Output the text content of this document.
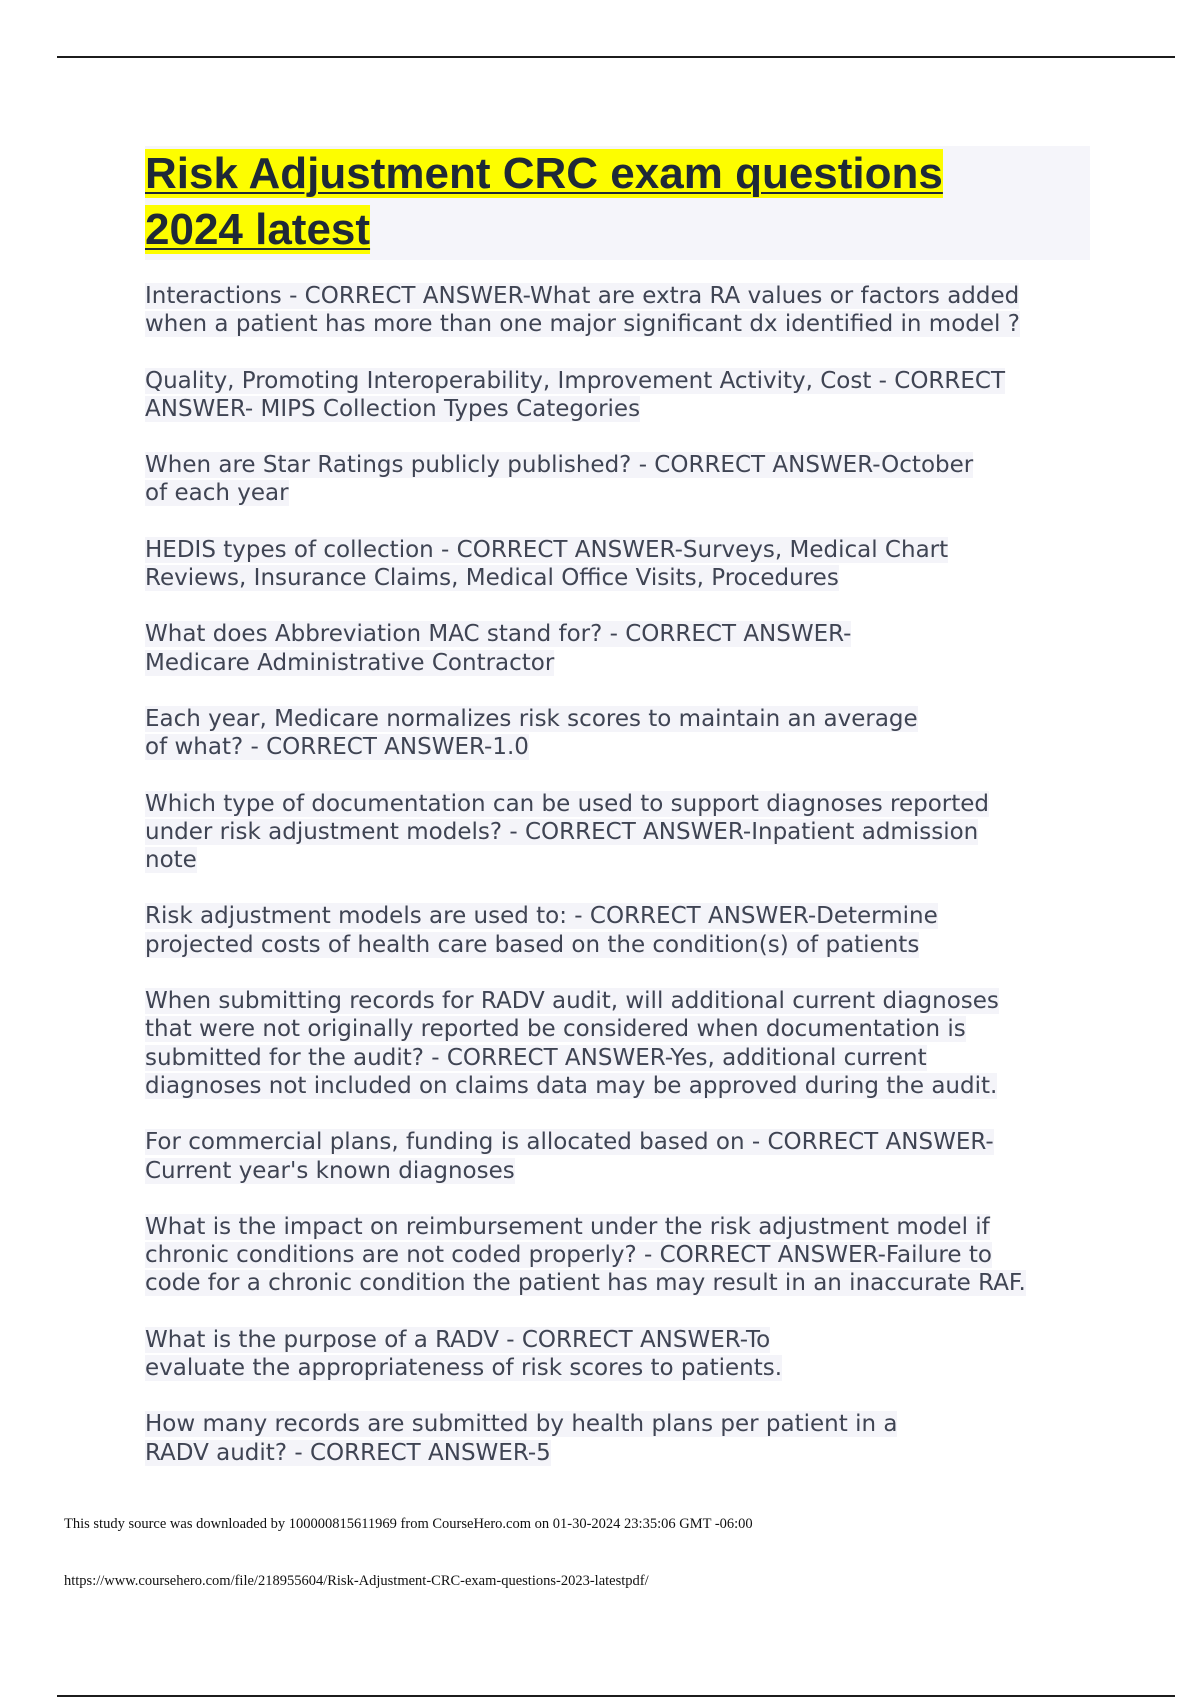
Risk Adjustment CRC exam questions
2024 latest
Interactions - CORRECT ANSWER-What are extra RA values or factors added
when a patient has more than one major significant dx identified in model ?
Quality, Promoting Interoperability, Improvement Activity, Cost - CORRECT
ANSWER- MIPS Collection Types Categories
When are Star Ratings publicly published? - CORRECT ANSWER-October
of each year
HEDIS types of collection - CORRECT ANSWER-Surveys, Medical Chart
Reviews, Insurance Claims, Medical Office Visits, Procedures
What does Abbreviation MAC stand for? - CORRECT ANSWER-
Medicare Administrative Contractor
Each year, Medicare normalizes risk scores to maintain an average
of what? - CORRECT ANSWER-1.0
Which type of documentation can be used to support diagnoses reported
under risk adjustment models? - CORRECT ANSWER-Inpatient admission
note
Risk adjustment models are used to: - CORRECT ANSWER-Determine
projected costs of health care based on the condition(s) of patients
When submitting records for RADV audit, will additional current diagnoses
that were not originally reported be considered when documentation is
submitted for the audit? - CORRECT ANSWER-Yes, additional current
diagnoses not included on claims data may be approved during the audit.
For commercial plans, funding is allocated based on - CORRECT ANSWER-
Current year's known diagnoses
What is the impact on reimbursement under the risk adjustment model if
chronic conditions are not coded properly? - CORRECT ANSWER-Failure to
code for a chronic condition the patient has may result in an inaccurate RAF.
What is the purpose of a RADV - CORRECT ANSWER-To
evaluate the appropriateness of risk scores to patients.
How many records are submitted by health plans per patient in a
RADV audit? - CORRECT ANSWER-5
This study source was downloaded by 100000815611969 from CourseHero.com on 01-30-2024 23:35:06 GMT -06:00
https://www.coursehero.com/file/218955604/Risk-Adjustment-CRC-exam-questions-2023-latestpdf/
